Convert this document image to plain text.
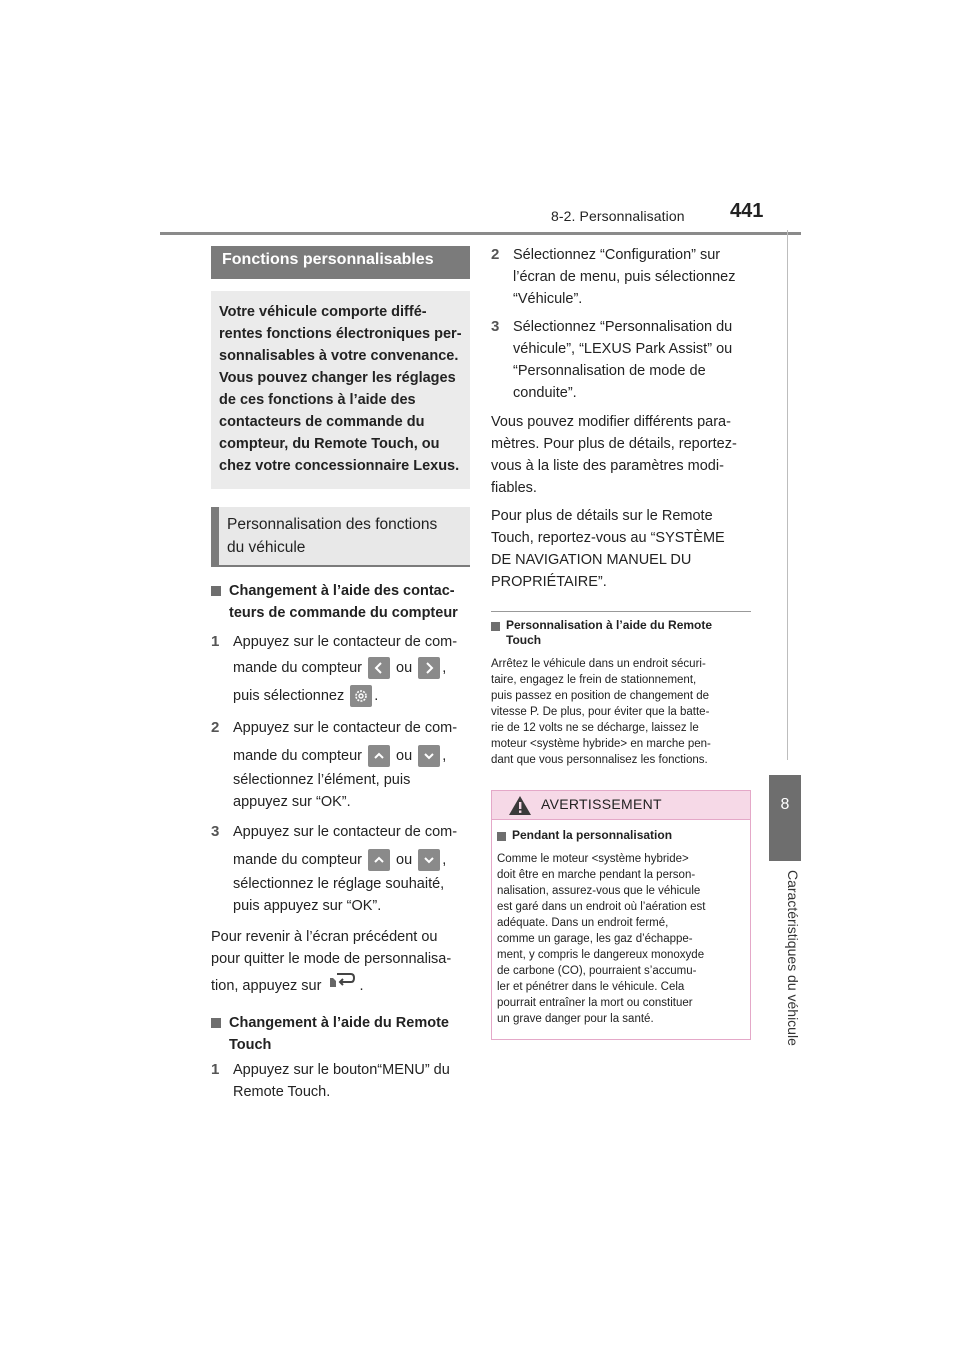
8-2. Personnalisation 441
8
Caractéristiques du véhicule
Fonctions personnalisables
Votre véhicule comporte diffé-
rentes fonctions électroniques per-
sonnalisables à votre convenance.
Vous pouvez changer les réglages
de ces fonctions à l’aide des
contacteurs de commande du
compteur, du Remote Touch, ou
chez votre concessionnaire Lexus.
Personnalisation des fonctions
du véhicule
Changement à l’aide des contac-
teurs de commande du compteur
1 Appuyez sur le contacteur de com-
mande du compteur ou ,
puis sélectionnez .
2 Appuyez sur le contacteur de com-
mande du compteur ou ,
sélectionnez l’élément, puis
appuyez sur “OK”.
3 Appuyez sur le contacteur de com-
mande du compteur ou ,
sélectionnez le réglage souhaité,
puis appuyez sur “OK”.
Pour revenir à l’écran précédent ou
pour quitter le mode de personnalisa-
tion, appuyez sur	.
Changement à l’aide du Remote
Touch
1 Appuyez sur le bouton“MENU” du
Remote Touch.
2 Sélectionnez “Configuration” sur
l’écran de menu, puis sélectionnez
“Véhicule”.
3 Sélectionnez “Personnalisation du
véhicule”, “LEXUS Park Assist” ou
“Personnalisation de mode de
conduite”.
Vous pouvez modifier différents para-
mètres. Pour plus de détails, reportez-
vous à la liste des paramètres modi-
fiables.
Pour plus de détails sur le Remote
Touch, reportez-vous au “SYSTÈME
DE NAVIGATION MANUEL DU
PROPRIÉTAIRE”.
Personnalisation à l’aide du Remote
Touch
Arrêtez le véhicule dans un endroit sécuri-
taire, engagez le frein de stationnement,
puis passez en position de changement de
vitesse P. De plus, pour éviter que la batte-
rie de 12 volts ne se décharge, laissez le
moteur <système hybride> en marche pen-
dant que vous personnalisez les fonctions.
AVERTISSEMENT
Pendant la personnalisation
Comme le moteur <système hybride>
doit être en marche pendant la person-
nalisation, assurez-vous que le véhicule
est garé dans un endroit où l’aération est
adéquate. Dans un endroit fermé,
comme un garage, les gaz d’échappe-
ment, y compris le dangereux monoxyde
de carbone (CO), pourraient s’accumu-
ler et pénétrer dans le véhicule. Cela
pourrait entraîner la mort ou constituer
un grave danger pour la santé.
